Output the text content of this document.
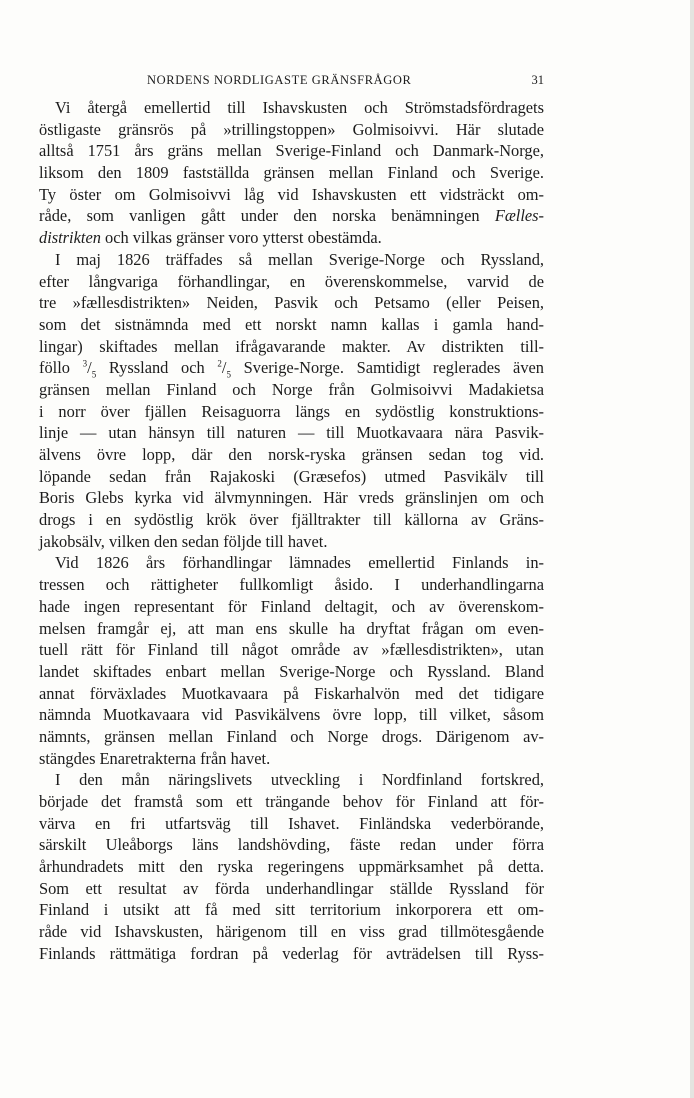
NORDENS NORDLIGASTE GRÄNSFRÅGOR	31
Vi återgå emellertid till Ishavskusten och Strömstadsfördragets
östligaste gränsrös på »trillingstoppen» Golmisoivvi. Här slutade
alltså 1751 års gräns mellan Sverige-Finland och Danmark-Norge,
liksom den 1809 fastställda gränsen mellan Finland och Sverige.
Ty öster om Golmisoivvi låg vid Ishavskusten ett vidsträckt om-
råde, som vanligen gått under den norska benämningen Fælles-
distrikten och vilkas gränser voro ytterst obestämda.
I maj 1826 träffades så mellan Sverige-Norge och Ryssland,
efter långvariga förhandlingar, en överenskommelse, varvid de
tre »fællesdistrikten» Neiden, Pasvik och Petsamo (eller Peisen,
som det sistnämnda med ett norskt namn kallas i gamla hand-
lingar) skiftades mellan ifrågavarande makter. Av distrikten till-
föllo $^3/_5$ Ryssland och $^2/_5$ Sverige-Norge. Samtidigt reglerades även
gränsen mellan Finland och Norge från Golmisoivvi Madakietsa
i norr över fjällen Reisaguorra längs en sydöstlig konstruktions-
linje — utan hänsyn till naturen — till Muotkavaara nära Pasvik-
älvens övre lopp, där den norsk-ryska gränsen sedan tog vid.
löpande sedan från Rajakoski (Græsefos) utmed Pasvikälv till
Boris Glebs kyrka vid älvmynningen. Här vreds gränslinjen om och
drogs i en sydöstlig krök över fjälltrakter till källorna av Gräns-
jakobsälv, vilken den sedan följde till havet.
Vid 1826 års förhandlingar lämnades emellertid Finlands in-
tressen och rättigheter fullkomligt åsido. I underhandlingarna
hade ingen representant för Finland deltagit, och av överenskom-
melsen framgår ej, att man ens skulle ha dryftat frågan om even-
tuell rätt för Finland till något område av »fællesdistrikten», utan
landet skiftades enbart mellan Sverige-Norge och Ryssland. Bland
annat förväxlades Muotkavaara på Fiskarhalvön med det tidigare
nämnda Muotkavaara vid Pasvikälvens övre lopp, till vilket, såsom
nämnts, gränsen mellan Finland och Norge drogs. Därigenom av-
stängdes Enaretrakterna från havet.
I den mån näringslivets utveckling i Nordfinland fortskred,
började det framstå som ett trängande behov för Finland att för-
värva en fri utfartsväg till Ishavet. Finländska vederbörande,
särskilt Uleåborgs läns landshövding, fäste redan under förra
århundradets mitt den ryska regeringens uppmärksamhet på detta.
Som ett resultat av förda underhandlingar ställde Ryssland för
Finland i utsikt att få med sitt territorium inkorporera ett om-
råde vid Ishavskusten, härigenom till en viss grad tillmötesgående
Finlands rättmätiga fordran på vederlag för avträdelsen till Ryss-
